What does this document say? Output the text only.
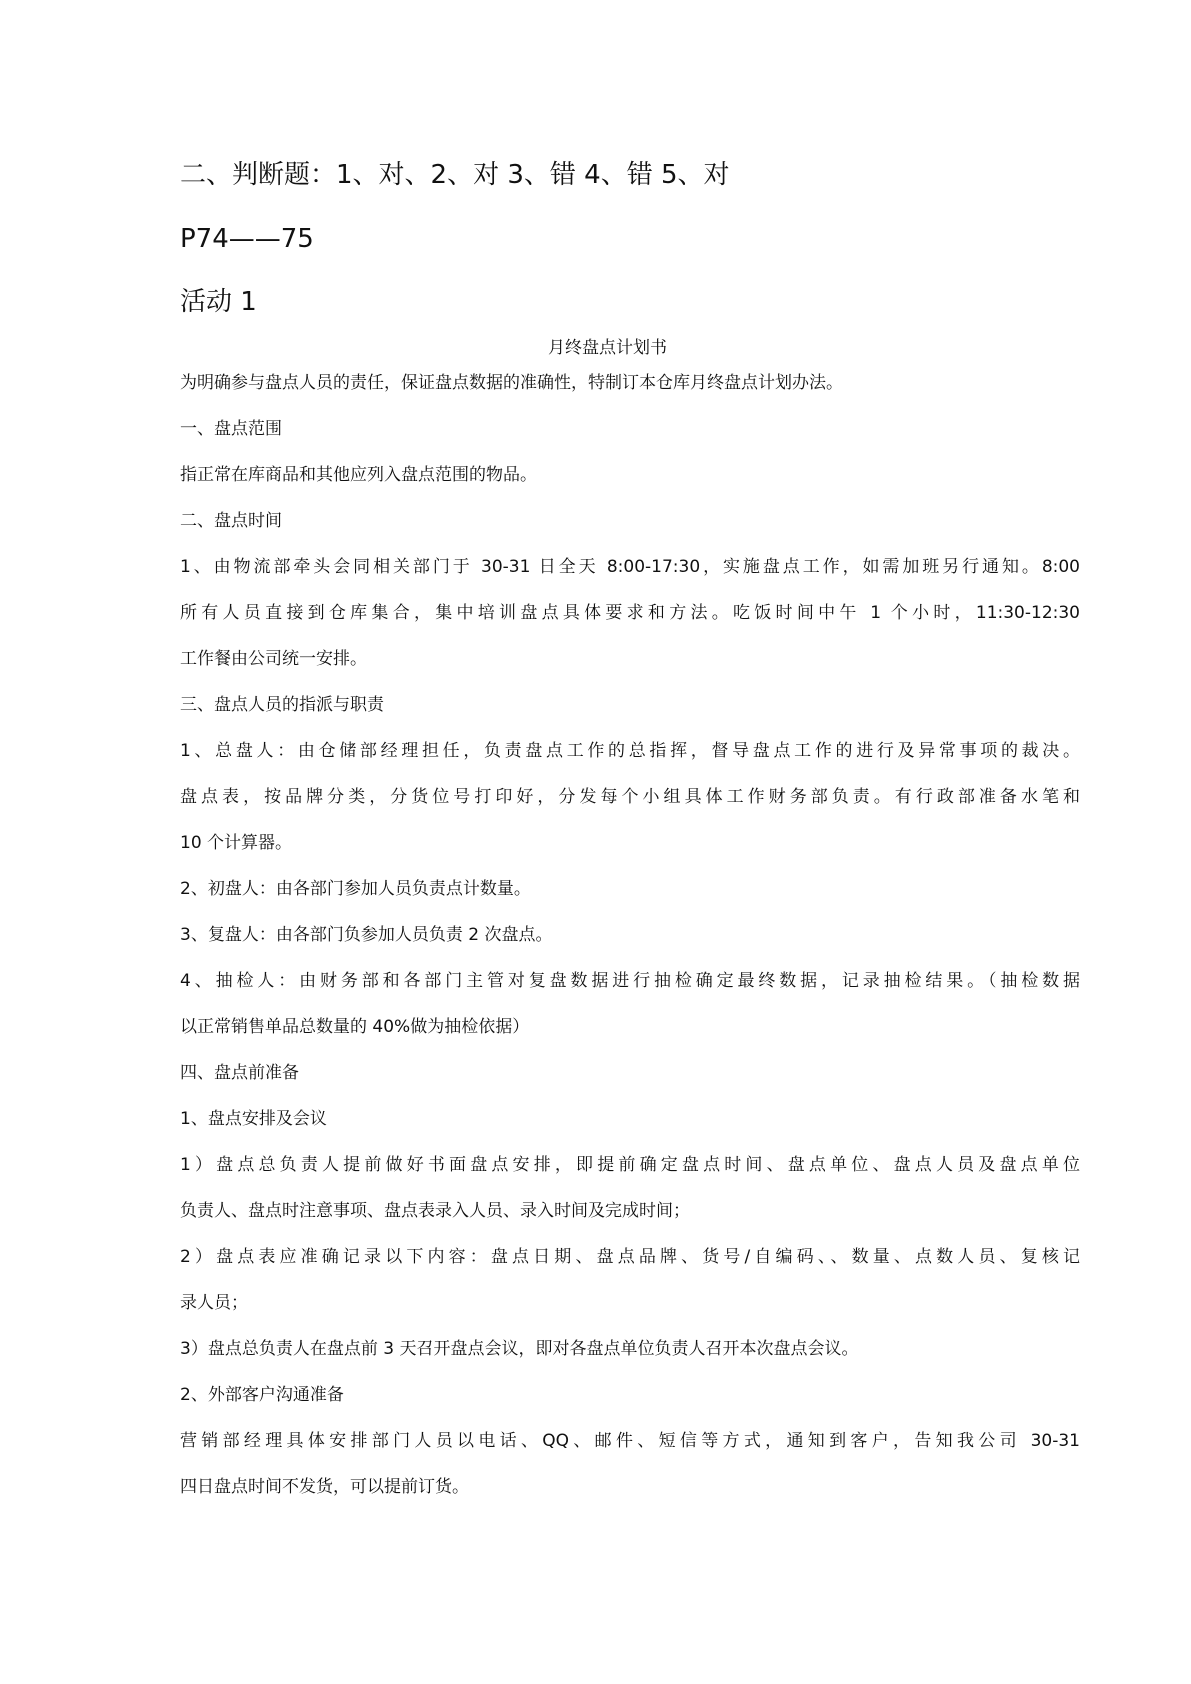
二、判断题：1、对、2、对 3、错 4、错 5、对
P74——75
活动 1
月终盘点计划书
为明确参与盘点人员的责任，保证盘点数据的准确性，特制订本仓库月终盘点计划办法。
一、盘点范围
指正常在库商品和其他应列入盘点范围的物品。
二、盘点时间
1、由物流部牵头会同相关部门于 30-31 日全天 8:00-17:30，实施盘点工作，如需加班另行通知。8:00
所有人员直接到仓库集合，集中培训盘点具体要求和方法。吃饭时间中午 1 个小时，11:30-12:30
工作餐由公司统一安排。
三、盘点人员的指派与职责
1、总盘人：由仓储部经理担任，负责盘点工作的总指挥，督导盘点工作的进行及异常事项的裁决。
盘点表，按品牌分类，分货位号打印好，分发每个小组具体工作财务部负责。有行政部准备水笔和
10 个计算器。
2、初盘人：由各部门参加人员负责点计数量。
3、复盘人：由各部门负参加人员负责 2 次盘点。
4、抽检人：由财务部和各部门主管对复盘数据进行抽检确定最终数据，记录抽检结果。（抽检数据
以正常销售单品总数量的 40%做为抽检依据）
四、盘点前准备
1、盘点安排及会议
1）盘点总负责人提前做好书面盘点安排，即提前确定盘点时间、盘点单位、盘点人员及盘点单位
负责人、盘点时注意事项、盘点表录入人员、录入时间及完成时间；
2）盘点表应准确记录以下内容：盘点日期、盘点品牌、货号/自编码、、数量、点数人员、复核记
录人员；
3）盘点总负责人在盘点前 3 天召开盘点会议，即对各盘点单位负责人召开本次盘点会议。
2、外部客户沟通准备
营销部经理具体安排部门人员以电话、QQ、邮件、短信等方式，通知到客户，告知我公司 30-31
四日盘点时间不发货，可以提前订货。
